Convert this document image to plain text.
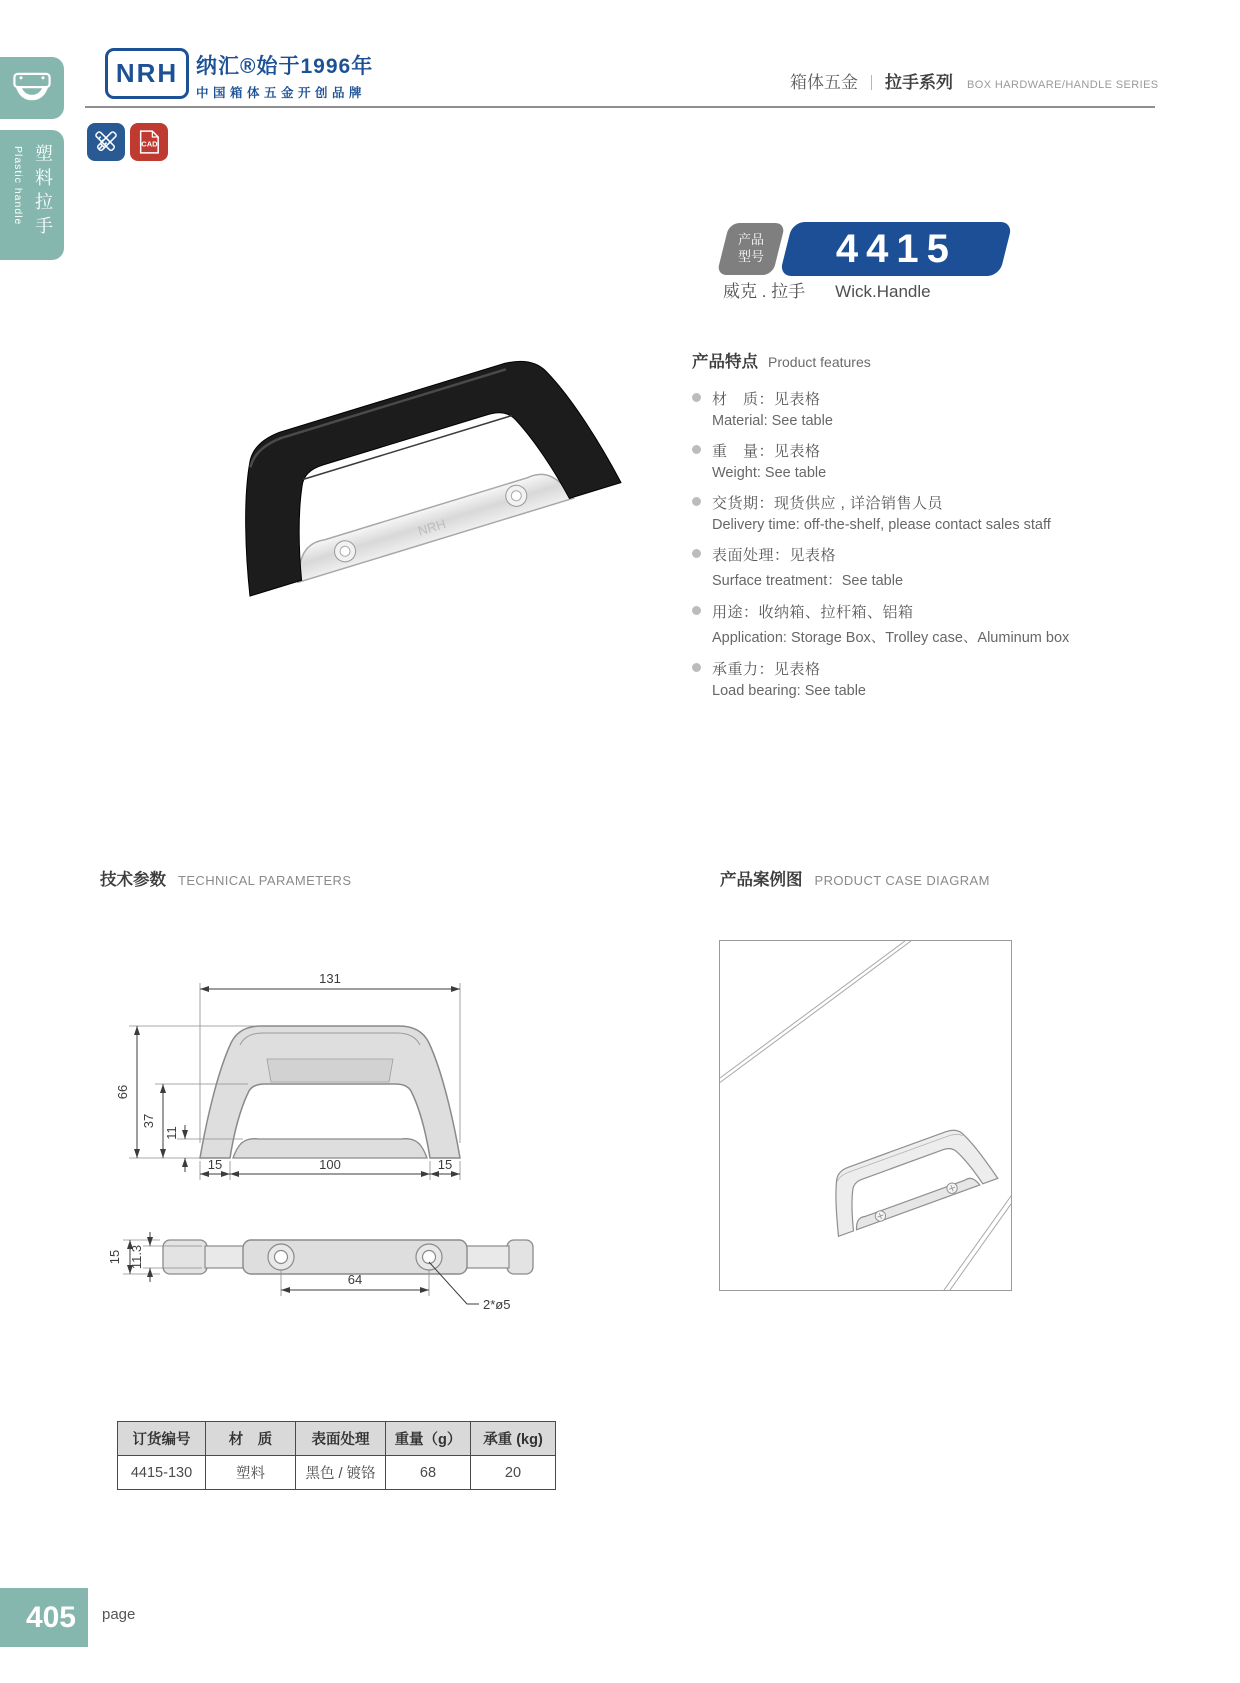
Plastic handle 塑料拉手
NRH 纳汇®始于1996年
中国箱体五金开创品牌
箱体五金 ｜ 拉手系列 BOX HARDWARE/HANDLE SERIES
CAD
NRH
产品
型号 4415
威克 . 拉手 Wick.Handle
产品特点 Product features
材　质：见表格
Material: See table
重　量：见表格
Weight: See table
交货期：现货供应 , 详洽销售人员
Delivery time: off-the-shelf, please contact sales staff
表面处理：见表格
Surface treatment：See table
用途：收纳箱、拉杆箱、铝箱
Application: Storage Box、Trolley case、Aluminum box
承重力：见表格
Load bearing: See table
技术参数 TECHNICAL PARAMETERS	产品案例图 PRODUCT CASE DIAGRAM
131
66
37
11
15	100	15
15 11.3
64
2*ø5
订货编号	材　质	表面处理	重量（g）	承重 (kg)
4415-130	塑料	黑色 / 镀铬	68	20
405 page
